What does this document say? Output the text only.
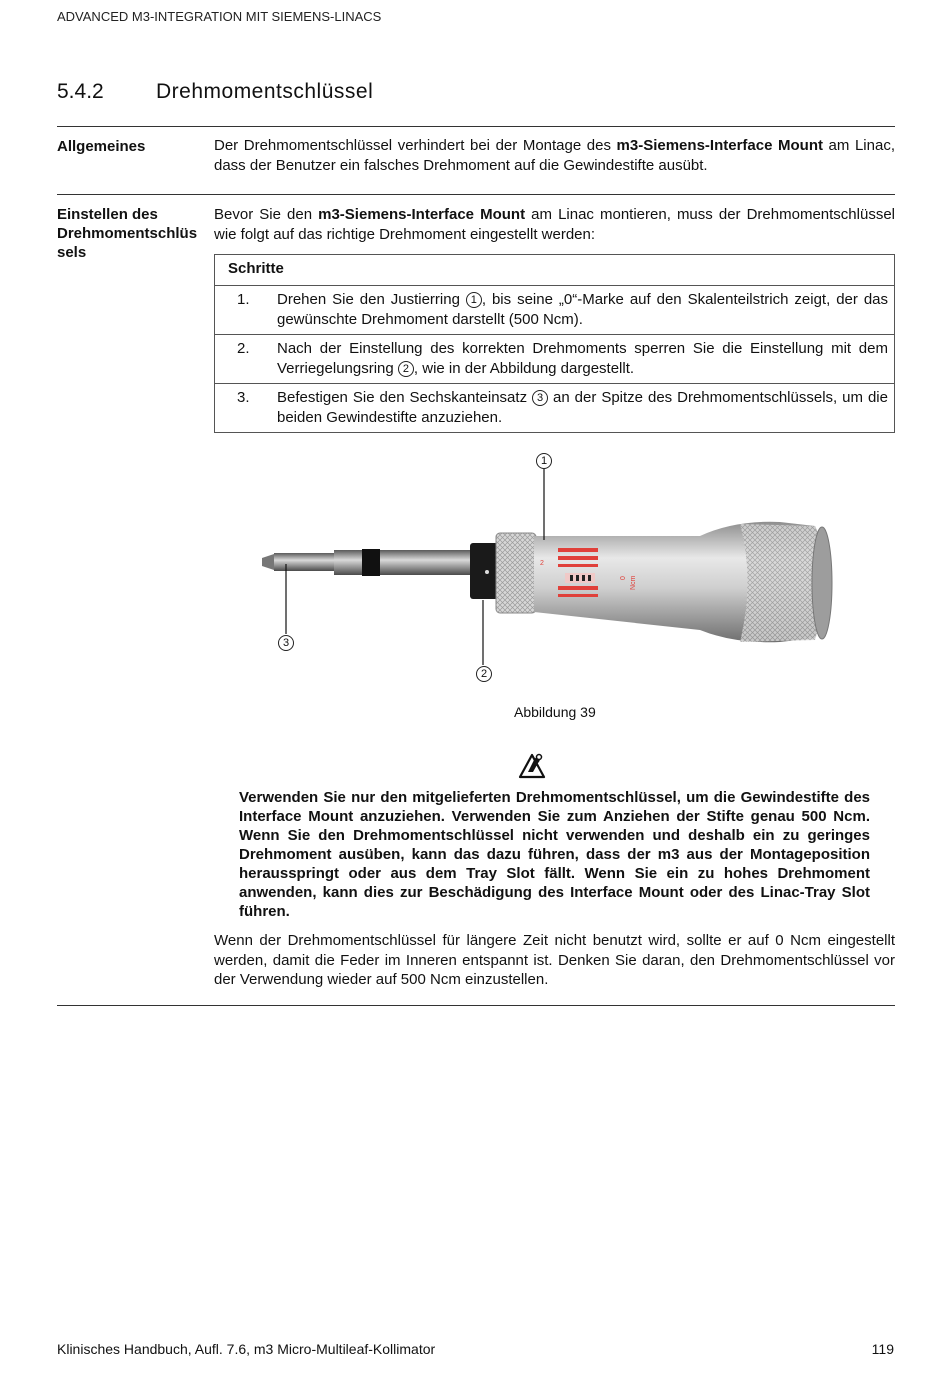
ADVANCED M3-INTEGRATION MIT SIEMENS-LINACS
5.4.2 Drehmomentschlüssel
Allgemeines	Der Drehmomentschlüssel verhindert bei der Montage des m3-Siemens-Interface Mount am Linac, dass der Benutzer ein falsches Drehmoment auf die Gewindestifte ausübt.
Einstellen des Drehmomentschlüs sels
Bevor Sie den m3-Siemens-Interface Mount am Linac montieren, muss der Drehmomentschlüssel wie folgt auf das richtige Drehmoment eingestellt werden:
Schritte
1. Drehen Sie den Justierring 1 , bis seine „0“-Marke auf den Skalenteilstrich zeigt, der das gewünschte Drehmoment darstellt (500 Ncm).
2. Nach der Einstellung des korrekten Drehmoments sperren Sie die Einstellung mit dem Verriegelungsring 2 , wie in der Abbildung dargestellt.
3. Befestigen Sie den Sechskanteinsatz 3 an der Spitze des Drehmomentschlüssels, um die beiden Gewindestifte anzuziehen.
Ncm
0
2
1
2
3
Abbildung 39
Verwenden Sie nur den mitgelieferten Drehmomentschlüssel, um die Gewindestifte des Interface Mount anzuziehen. Verwenden Sie zum Anziehen der Stifte genau 500 Ncm. Wenn Sie den Drehmomentschlüssel nicht verwenden und deshalb ein zu geringes Drehmoment ausüben, kann das dazu führen, dass der m3 aus der Montageposition herausspringt oder aus dem Tray Slot fällt. Wenn Sie ein zu hohes Drehmoment anwenden, kann dies zur Beschädigung des Interface Mount oder des Linac-Tray Slot führen.
Wenn der Drehmomentschlüssel für längere Zeit nicht benutzt wird, sollte er auf 0 Ncm eingestellt werden, damit die Feder im Inneren entspannt ist. Denken Sie daran, den Drehmomentschlüssel vor der Verwendung wieder auf 500 Ncm einzustellen.
Klinisches Handbuch, Aufl. 7.6, m3 Micro-Multileaf-Kollimator	119
